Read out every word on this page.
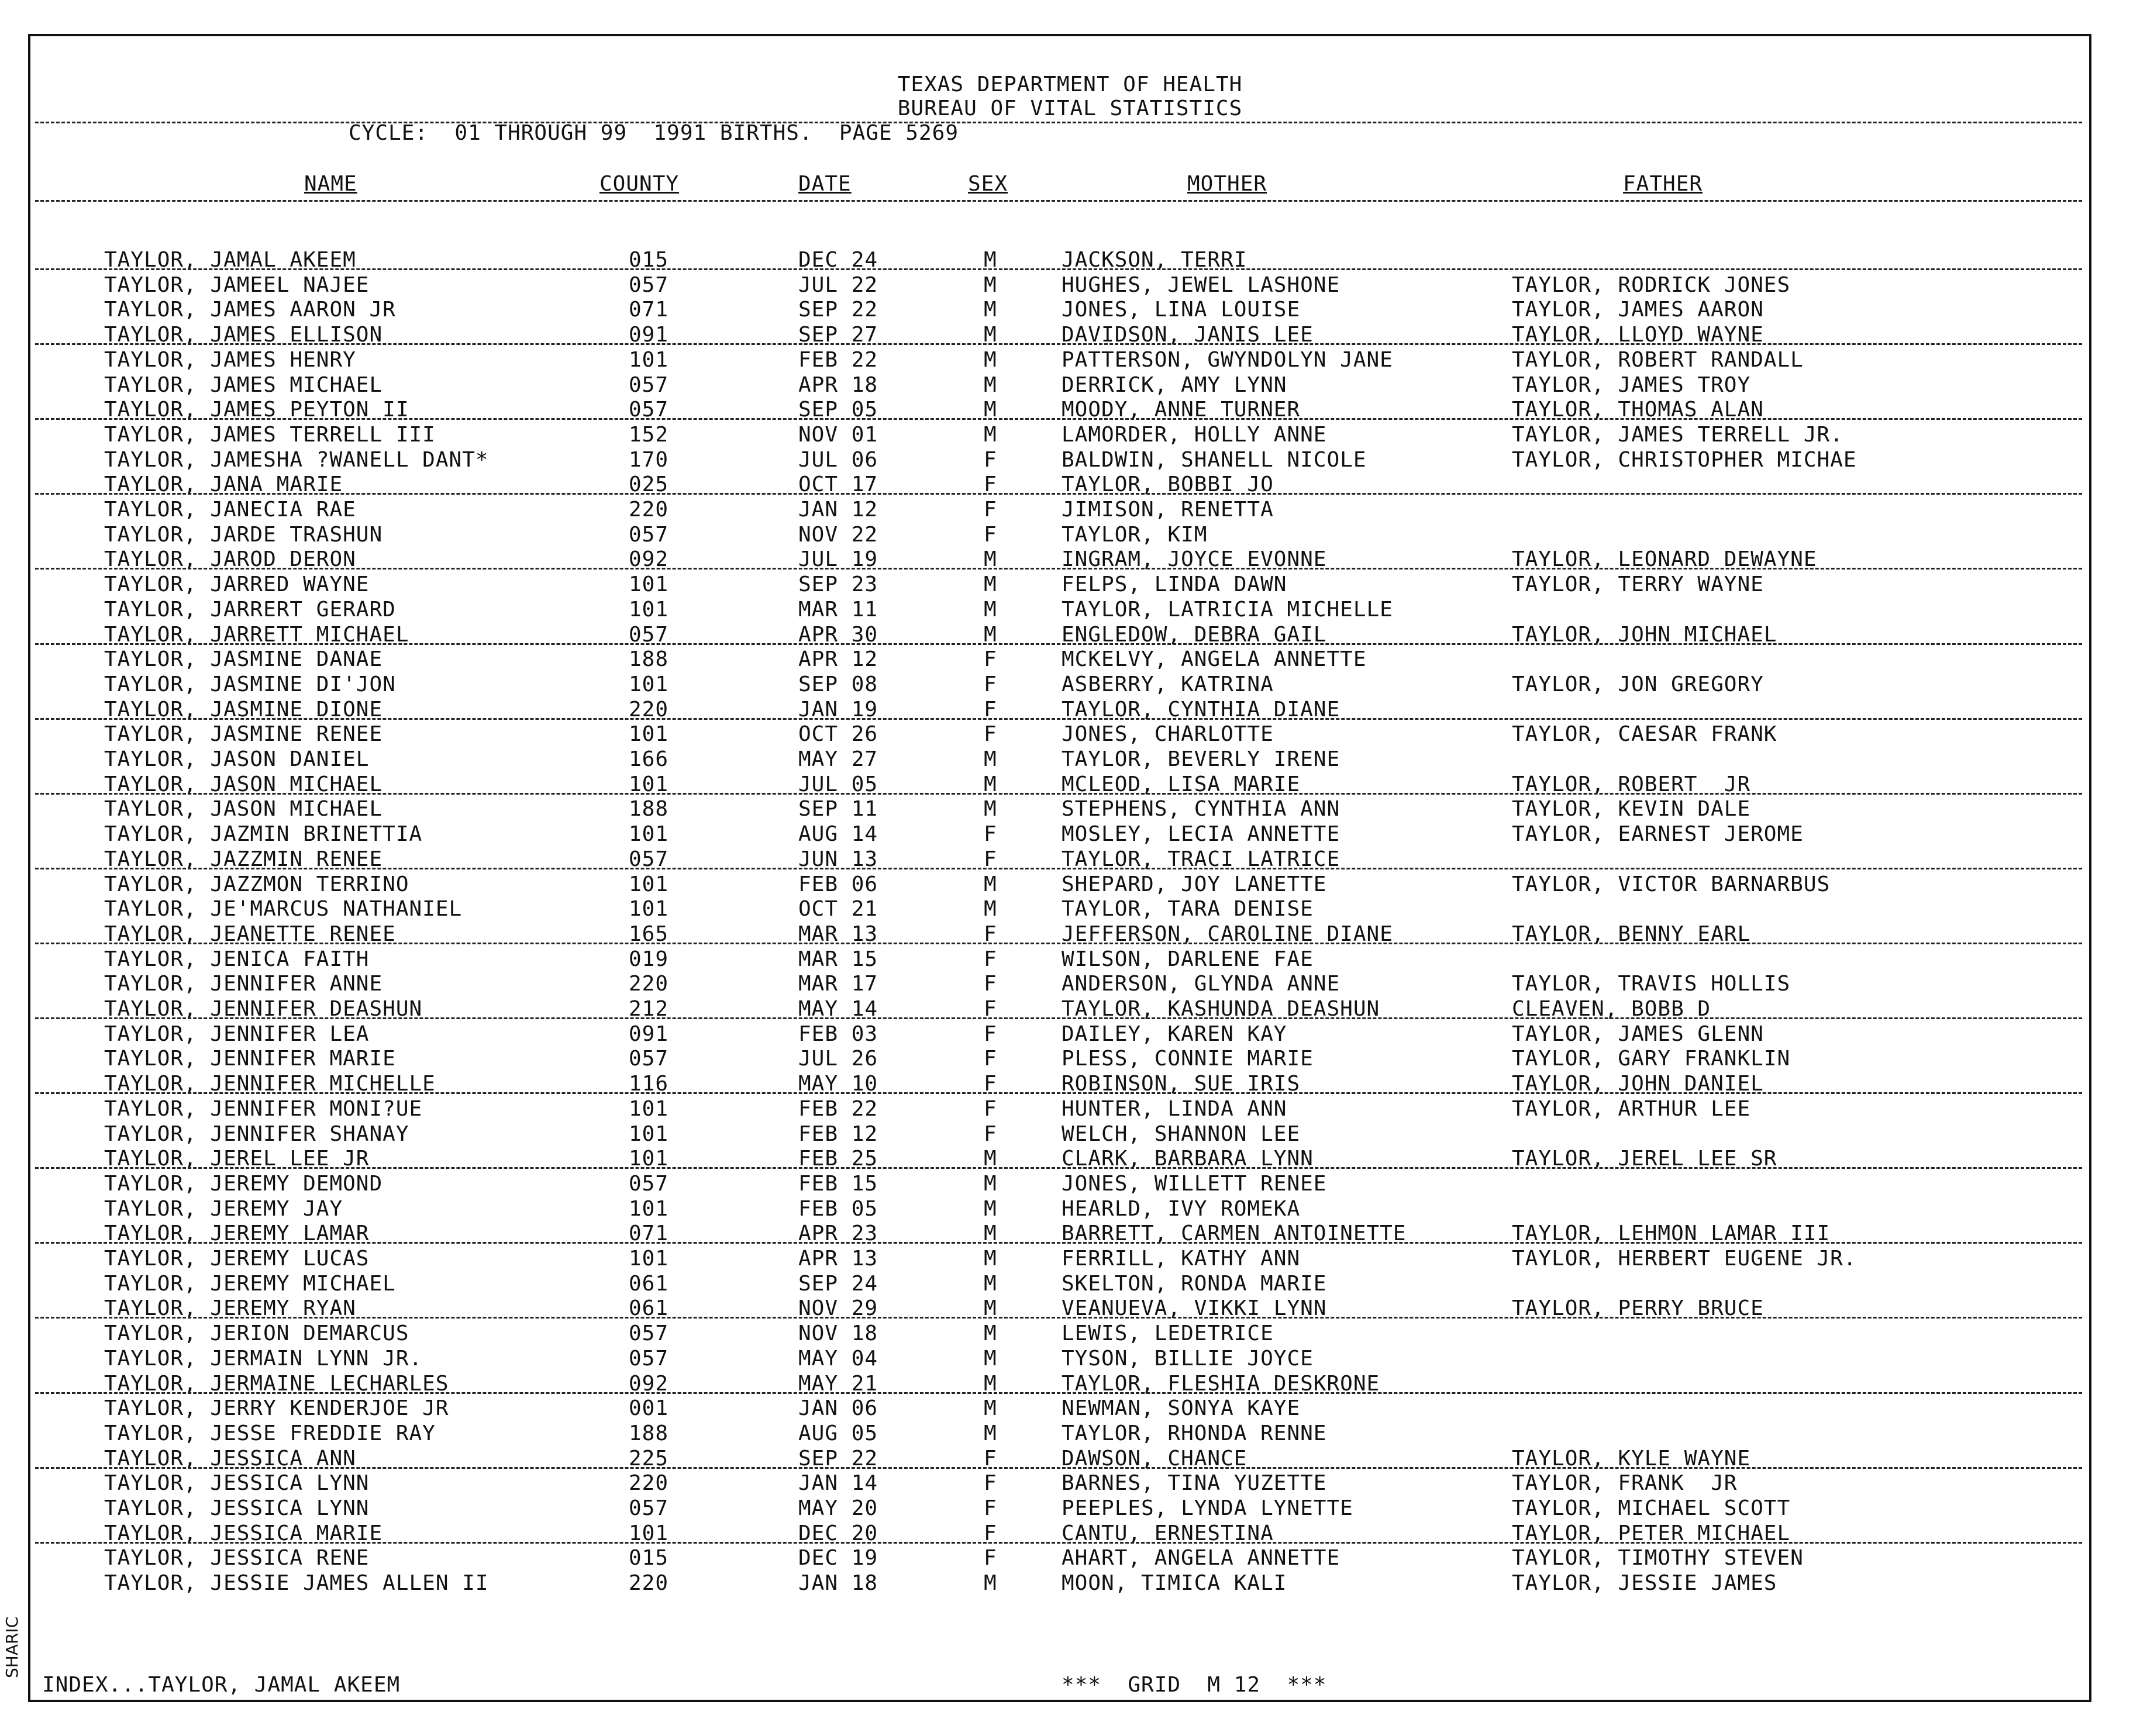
TEXAS DEPARTMENT OF HEALTH
BUREAU OF VITAL STATISTICS
CYCLE:  01 THROUGH 99  1991 BIRTHS.  PAGE 5269
NAME	COUNTY	DATE	SEX	MOTHER	FATHER
TAYLOR, JAMAL AKEEM	015	DEC 24	M	JACKSON, TERRI
TAYLOR, JAMEEL NAJEE	057	JUL 22	M	HUGHES, JEWEL LASHONE	TAYLOR, RODRICK JONES
TAYLOR, JAMES AARON JR	071	SEP 22	M	JONES, LINA LOUISE	TAYLOR, JAMES AARON
TAYLOR, JAMES ELLISON	091	SEP 27	M	DAVIDSON, JANIS LEE	TAYLOR, LLOYD WAYNE
TAYLOR, JAMES HENRY	101	FEB 22	M	PATTERSON, GWYNDOLYN JANE	TAYLOR, ROBERT RANDALL
TAYLOR, JAMES MICHAEL	057	APR 18	M	DERRICK, AMY LYNN	TAYLOR, JAMES TROY
TAYLOR, JAMES PEYTON II	057	SEP 05	M	MOODY, ANNE TURNER	TAYLOR, THOMAS ALAN
TAYLOR, JAMES TERRELL III	152	NOV 01	M	LAMORDER, HOLLY ANNE	TAYLOR, JAMES TERRELL JR.
TAYLOR, JAMESHA ?WANELL DANT*	170	JUL 06	F	BALDWIN, SHANELL NICOLE	TAYLOR, CHRISTOPHER MICHAE
TAYLOR, JANA MARIE	025	OCT 17	F	TAYLOR, BOBBI JO
TAYLOR, JANECIA RAE	220	JAN 12	F	JIMISON, RENETTA
TAYLOR, JARDE TRASHUN	057	NOV 22	F	TAYLOR, KIM
TAYLOR, JAROD DERON	092	JUL 19	M	INGRAM, JOYCE EVONNE	TAYLOR, LEONARD DEWAYNE
TAYLOR, JARRED WAYNE	101	SEP 23	M	FELPS, LINDA DAWN	TAYLOR, TERRY WAYNE
TAYLOR, JARRERT GERARD	101	MAR 11	M	TAYLOR, LATRICIA MICHELLE
TAYLOR, JARRETT MICHAEL	057	APR 30	M	ENGLEDOW, DEBRA GAIL	TAYLOR, JOHN MICHAEL
TAYLOR, JASMINE DANAE	188	APR 12	F	MCKELVY, ANGELA ANNETTE
TAYLOR, JASMINE DI'JON	101	SEP 08	F	ASBERRY, KATRINA	TAYLOR, JON GREGORY
TAYLOR, JASMINE DIONE	220	JAN 19	F	TAYLOR, CYNTHIA DIANE
TAYLOR, JASMINE RENEE	101	OCT 26	F	JONES, CHARLOTTE	TAYLOR, CAESAR FRANK
TAYLOR, JASON DANIEL	166	MAY 27	M	TAYLOR, BEVERLY IRENE
TAYLOR, JASON MICHAEL	101	JUL 05	M	MCLEOD, LISA MARIE	TAYLOR, ROBERT  JR
TAYLOR, JASON MICHAEL	188	SEP 11	M	STEPHENS, CYNTHIA ANN	TAYLOR, KEVIN DALE
TAYLOR, JAZMIN BRINETTIA	101	AUG 14	F	MOSLEY, LECIA ANNETTE	TAYLOR, EARNEST JEROME
TAYLOR, JAZZMIN RENEE	057	JUN 13	F	TAYLOR, TRACI LATRICE
TAYLOR, JAZZMON TERRINO	101	FEB 06	M	SHEPARD, JOY LANETTE	TAYLOR, VICTOR BARNARBUS
TAYLOR, JE'MARCUS NATHANIEL	101	OCT 21	M	TAYLOR, TARA DENISE
TAYLOR, JEANETTE RENEE	165	MAR 13	F	JEFFERSON, CAROLINE DIANE	TAYLOR, BENNY EARL
TAYLOR, JENICA FAITH	019	MAR 15	F	WILSON, DARLENE FAE
TAYLOR, JENNIFER ANNE	220	MAR 17	F	ANDERSON, GLYNDA ANNE	TAYLOR, TRAVIS HOLLIS
TAYLOR, JENNIFER DEASHUN	212	MAY 14	F	TAYLOR, KASHUNDA DEASHUN	CLEAVEN, BOBB D
TAYLOR, JENNIFER LEA	091	FEB 03	F	DAILEY, KAREN KAY	TAYLOR, JAMES GLENN
TAYLOR, JENNIFER MARIE	057	JUL 26	F	PLESS, CONNIE MARIE	TAYLOR, GARY FRANKLIN
TAYLOR, JENNIFER MICHELLE	116	MAY 10	F	ROBINSON, SUE IRIS	TAYLOR, JOHN DANIEL
TAYLOR, JENNIFER MONI?UE	101	FEB 22	F	HUNTER, LINDA ANN	TAYLOR, ARTHUR LEE
TAYLOR, JENNIFER SHANAY	101	FEB 12	F	WELCH, SHANNON LEE
TAYLOR, JEREL LEE JR	101	FEB 25	M	CLARK, BARBARA LYNN	TAYLOR, JEREL LEE SR
TAYLOR, JEREMY DEMOND	057	FEB 15	M	JONES, WILLETT RENEE
TAYLOR, JEREMY JAY	101	FEB 05	M	HEARLD, IVY ROMEKA
TAYLOR, JEREMY LAMAR	071	APR 23	M	BARRETT, CARMEN ANTOINETTE	TAYLOR, LEHMON LAMAR III
TAYLOR, JEREMY LUCAS	101	APR 13	M	FERRILL, KATHY ANN	TAYLOR, HERBERT EUGENE JR.
TAYLOR, JEREMY MICHAEL	061	SEP 24	M	SKELTON, RONDA MARIE
TAYLOR, JEREMY RYAN	061	NOV 29	M	VEANUEVA, VIKKI LYNN	TAYLOR, PERRY BRUCE
TAYLOR, JERION DEMARCUS	057	NOV 18	M	LEWIS, LEDETRICE
TAYLOR, JERMAIN LYNN JR.	057	MAY 04	M	TYSON, BILLIE JOYCE
TAYLOR, JERMAINE LECHARLES	092	MAY 21	M	TAYLOR, FLESHIA DESKRONE
TAYLOR, JERRY KENDERJOE JR	001	JAN 06	M	NEWMAN, SONYA KAYE
TAYLOR, JESSE FREDDIE RAY	188	AUG 05	M	TAYLOR, RHONDA RENNE
TAYLOR, JESSICA ANN	225	SEP 22	F	DAWSON, CHANCE	TAYLOR, KYLE WAYNE
TAYLOR, JESSICA LYNN	220	JAN 14	F	BARNES, TINA YUZETTE	TAYLOR, FRANK  JR
TAYLOR, JESSICA LYNN	057	MAY 20	F	PEEPLES, LYNDA LYNETTE	TAYLOR, MICHAEL SCOTT
TAYLOR, JESSICA MARIE	101	DEC 20	F	CANTU, ERNESTINA	TAYLOR, PETER MICHAEL
TAYLOR, JESSICA RENE	015	DEC 19	F	AHART, ANGELA ANNETTE	TAYLOR, TIMOTHY STEVEN
TAYLOR, JESSIE JAMES ALLEN II	220	JAN 18	M	MOON, TIMICA KALI	TAYLOR, JESSIE JAMES
INDEX...TAYLOR, JAMAL AKEEM	***  GRID  M 12  ***
SHARIC
